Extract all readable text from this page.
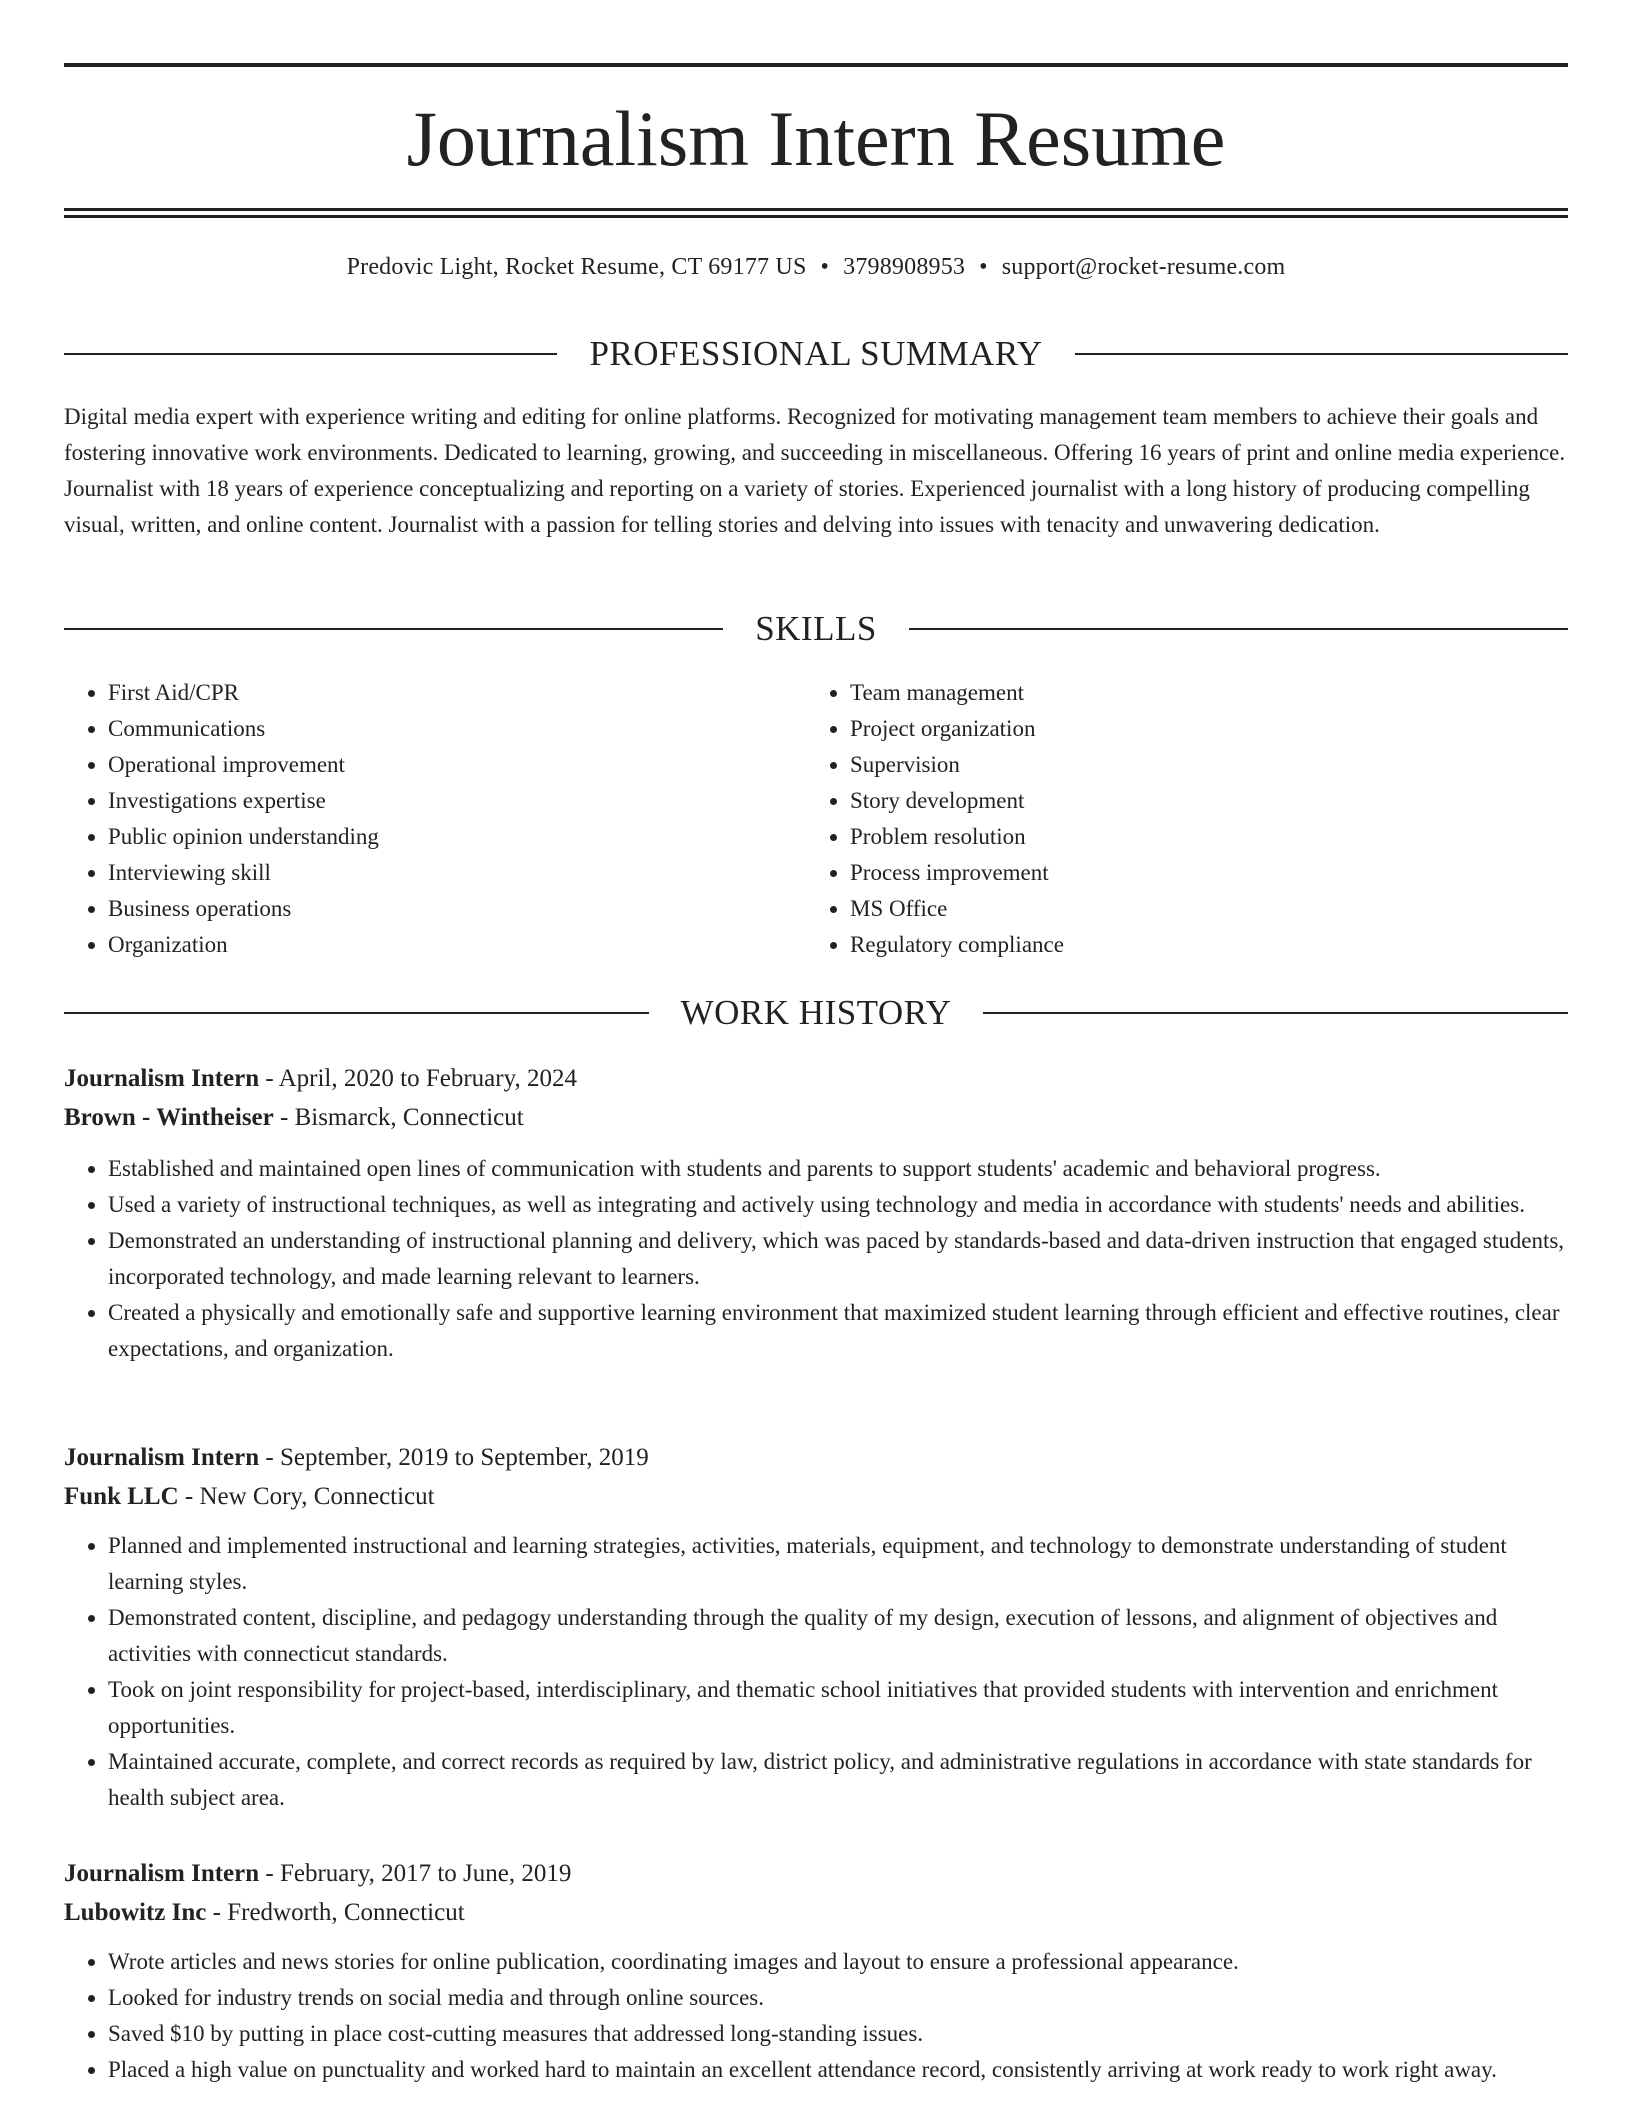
Journalism Intern Resume
Predovic Light, Rocket Resume, CT 69177 US • 3798908953 • support@rocket-resume.com
PROFESSIONAL SUMMARY

Digital media expert with experience writing and editing for online platforms. Recognized for motivating management team members to achieve their goals and fostering innovative work environments. Dedicated to learning, growing, and succeeding in miscellaneous. Offering 16 years of print and online media experience. Journalist with 18 years of experience conceptualizing and reporting on a variety of stories. Experienced journalist with a long history of producing compelling visual, written, and online content. Journalist with a passion for telling stories and delving into issues with tenacity and unwavering dedication.

SKILLS
• First Aid/CPR
• Communications
• Operational improvement
• Investigations expertise
• Public opinion understanding
• Interviewing skill
• Business operations
• Organization
• Team management
• Project organization
• Supervision
• Story development
• Problem resolution
• Process improvement
• MS Office
• Regulatory compliance
WORK HISTORY
Journalism Intern - April, 2020 to February, 2024
Brown - Wintheiser - Bismarck, Connecticut
• Established and maintained open lines of communication with students and parents to support students' academic and behavioral progress.
• Used a variety of instructional techniques, as well as integrating and actively using technology and media in accordance with students' needs and abilities.
• Demonstrated an understanding of instructional planning and delivery, which was paced by standards-based and data-driven instruction that engaged students, incorporated technology, and made learning relevant to learners.
• Created a physically and emotionally safe and supportive learning environment that maximized student learning through efficient and effective routines, clear expectations, and organization.
Journalism Intern - September, 2019 to September, 2019
Funk LLC - New Cory, Connecticut
• Planned and implemented instructional and learning strategies, activities, materials, equipment, and technology to demonstrate understanding of student learning styles.
• Demonstrated content, discipline, and pedagogy understanding through the quality of my design, execution of lessons, and alignment of objectives and activities with connecticut standards.
• Took on joint responsibility for project-based, interdisciplinary, and thematic school initiatives that provided students with intervention and enrichment opportunities.
• Maintained accurate, complete, and correct records as required by law, district policy, and administrative regulations in accordance with state standards for health subject area.
Journalism Intern - February, 2017 to June, 2019
Lubowitz Inc - Fredworth, Connecticut
• Wrote articles and news stories for online publication, coordinating images and layout to ensure a professional appearance.
• Looked for industry trends on social media and through online sources.
• Saved $10 by putting in place cost-cutting measures that addressed long-standing issues.
• Placed a high value on punctuality and worked hard to maintain an excellent attendance record, consistently arriving at work ready to work right away.
